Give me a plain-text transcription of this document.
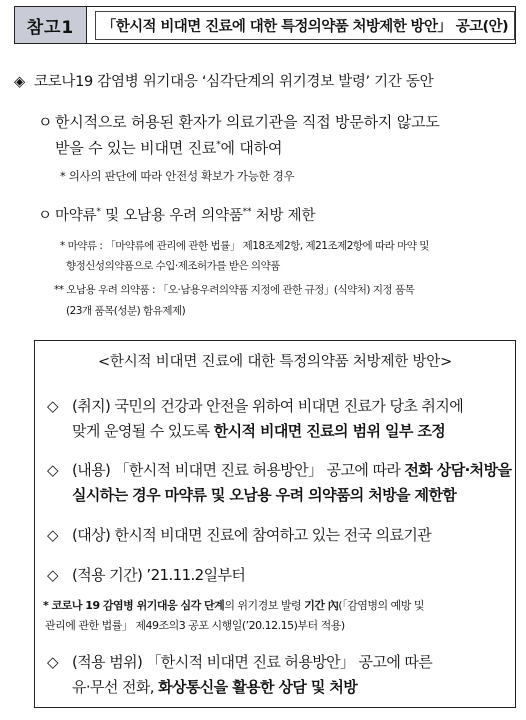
참고1	「한시적 비대면 진료에 대한 특정의약품 처방제한 방안」 공고(안)
◈ 코로나19 감염병 위기대응 ‘심각단계의 위기경보 발령’ 기간 동안
ㅇ 한시적으로 허용된 환자가 의료기관을 직접 방문하지 않고도
받을 수 있는 비대면 진료*에 대하여
* 의사의 판단에 따라 안전성 확보가 가능한 경우
ㅇ 마약류* 및 오남용 우려 의약품** 처방 제한
* 마약류 : 「마약류에 관리에 관한 법률」 제18조제2항, 제21조제2항에 따라 마약 및
향정신성의약품으로 수입·제조허가를 받은 의약품
** 오남용 우려 의약품 : 「오·남용우려의약품 지정에 관한 규정」(식약처) 지정 품목
(23개 품목(성분) 함유제제)
<한시적 비대면 진료에 대한 특정의약품 처방제한 방안>
◇ (취지) 국민의 건강과 안전을 위하여 비대면 진료가 당초 취지에
맞게 운영될 수 있도록 한시적 비대면 진료의 범위 일부 조정
◇ (내용) 「한시적 비대면 진료 허용방안」 공고에 따라 전화 상담·처방을
실시하는 경우 마약류 및 오남용 우려 의약품의 처방을 제한함
◇ (대상) 한시적 비대면 진료에 참여하고 있는 전국 의료기관
◇ (적용 기간) ’21.11.2일부터
* 코로나 19 감염병 위기대응 심각 단계의 위기경보 발령 기간 內(「감염병의 예방 및
관리에 관한 법률」 제49조의3 공포 시행일(’20.12.15)부터 적용)
◇ (적용 범위) 「한시적 비대면 진료 허용방안」 공고에 따른
유·무선 전화, 화상통신을 활용한 상담 및 처방
